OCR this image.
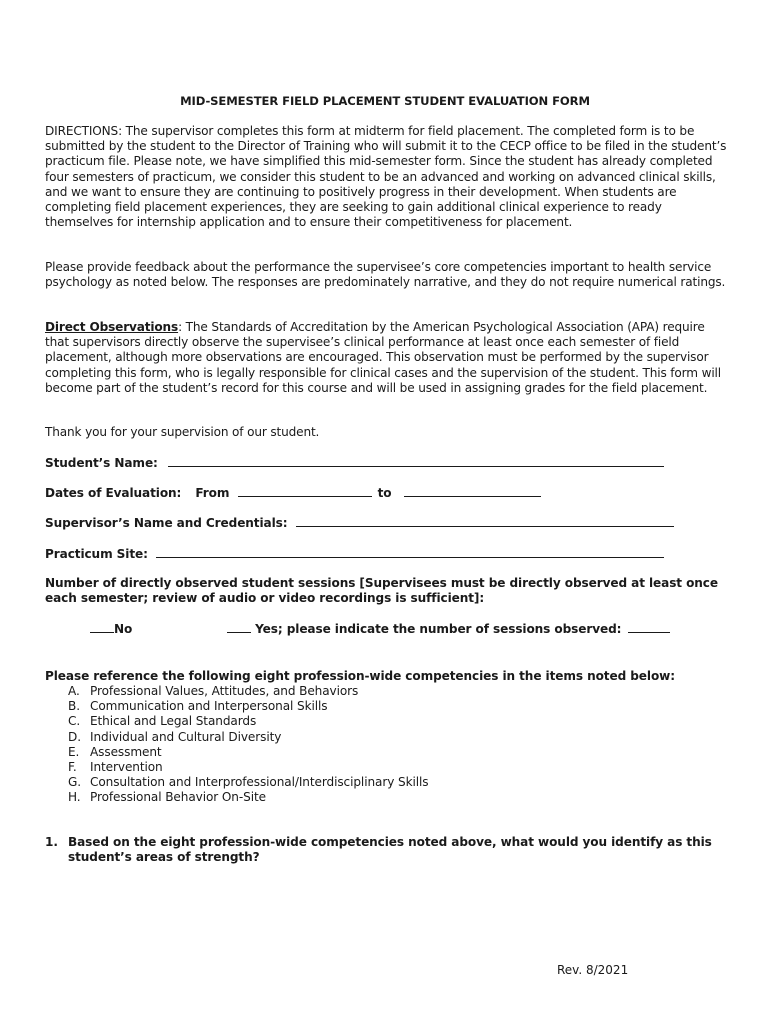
MID-SEMESTER FIELD PLACEMENT STUDENT EVALUATION FORM

DIRECTIONS: The supervisor completes this form at midterm for field placement. The completed form is to be submitted by the student to the Director of Training who will submit it to the CECP office to be filed in the student’s practicum file. Please note, we have simplified this mid-semester form. Since the student has already completed four semesters of practicum, we consider this student to be an advanced and working on advanced clinical skills, and we want to ensure they are continuing to positively progress in their development. When students are completing field placement experiences, they are seeking to gain additional clinical experience to ready themselves for internship application and to ensure their competitiveness for placement.

Please provide feedback about the performance the supervisee’s core competencies important to health service psychology as noted below. The responses are predominately narrative, and they do not require numerical ratings.

Direct Observations: The Standards of Accreditation by the American Psychological Association (APA) require that supervisors directly observe the supervisee’s clinical performance at least once each semester of field placement, although more observations are encouraged. This observation must be performed by the supervisor completing this form, who is legally responsible for clinical cases and the supervision of the student. This form will become part of the student’s record for this course and will be used in assigning grades for the field placement.

Thank you for your supervision of our student.

Student’s Name:
Dates of Evaluation: From	to
Supervisor’s Name and Credentials:
Practicum Site:
Number of directly observed student sessions [Supervisees must be directly observed at least once each semester; review of audio or video recordings is sufficient]:
No	Yes; please indicate the number of sessions observed:
Please reference the following eight profession-wide competencies in the items noted below:
A. Professional Values, Attitudes, and Behaviors
B. Communication and Interpersonal Skills
C. Ethical and Legal Standards
D. Individual and Cultural Diversity
E. Assessment
F.	Intervention
G. Consultation and Interprofessional/Interdisciplinary Skills
H. Professional Behavior On-Site
1. Based on the eight profession-wide competencies noted above, what would you identify as this student’s areas of strength?
Rev. 8/2021
